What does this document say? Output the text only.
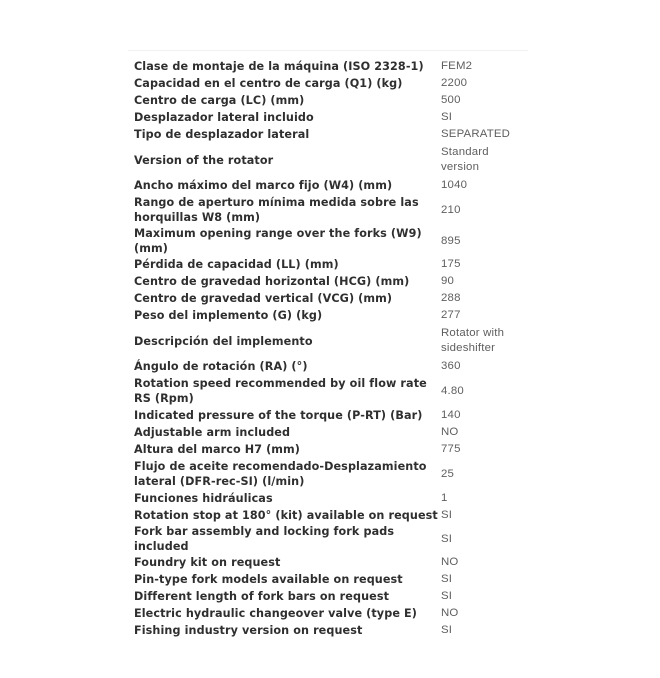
Clase de montaje de la máquina (ISO 2328-1)	FEM2
Capacidad en el centro de carga (Q1) (kg)	2200
Centro de carga (LC) (mm)	500
Desplazador lateral incluido	SI
Tipo de desplazador lateral	SEPARATED
Version of the rotator	Standard version
Ancho máximo del marco fijo (W4) (mm)	1040
Rango de aperturo mínima medida sobre las horquillas W8 (mm)	210
Maximum opening range over the forks (W9) (mm)	895
Pérdida de capacidad (LL) (mm)	175
Centro de gravedad horizontal (HCG) (mm)	90
Centro de gravedad vertical (VCG) (mm)	288
Peso del implemento (G) (kg)	277
Descripción del implemento	Rotator with sideshifter
Ángulo de rotación (RA) (°)	360
Rotation speed recommended by oil flow rate RS (Rpm)	4.80
Indicated pressure of the torque (P-RT) (Bar)	140
Adjustable arm included	NO
Altura del marco H7 (mm)	775
Flujo de aceite recomendado-Desplazamiento lateral (DFR-rec-SI) (l/min)	25
Funciones hidráulicas	1
Rotation stop at 180° (kit) available on request	SI
Fork bar assembly and locking fork pads included	SI
Foundry kit on request	NO
Pin-type fork models available on request	SI
Different length of fork bars on request	SI
Electric hydraulic changeover valve (type E)	NO
Fishing industry version on request	SI
